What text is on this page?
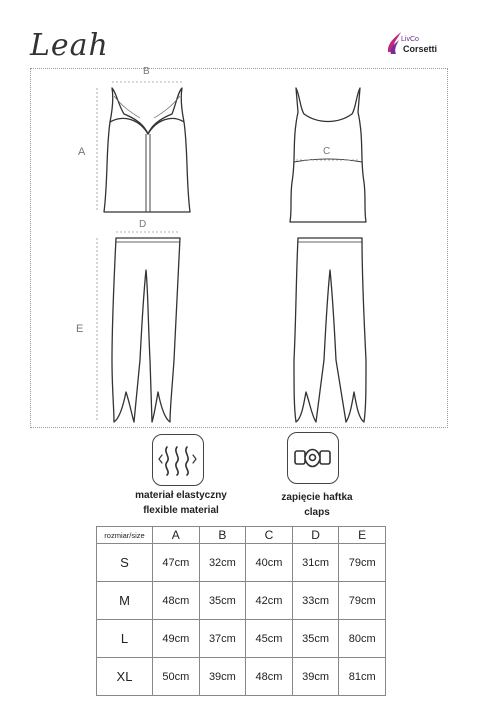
Leah	LivCo
Corsetti
B
A	C
D
E
materiał elastyczny
flexible material
zapięcie haftka
claps
rozmiar/size	A	B	C	D	E
S	47cm	32cm	40cm	31cm	79cm
M	48cm	35cm	42cm	33cm	79cm
L	49cm	37cm	45cm	35cm	80cm
XL	50cm	39cm	48cm	39cm	81cm
